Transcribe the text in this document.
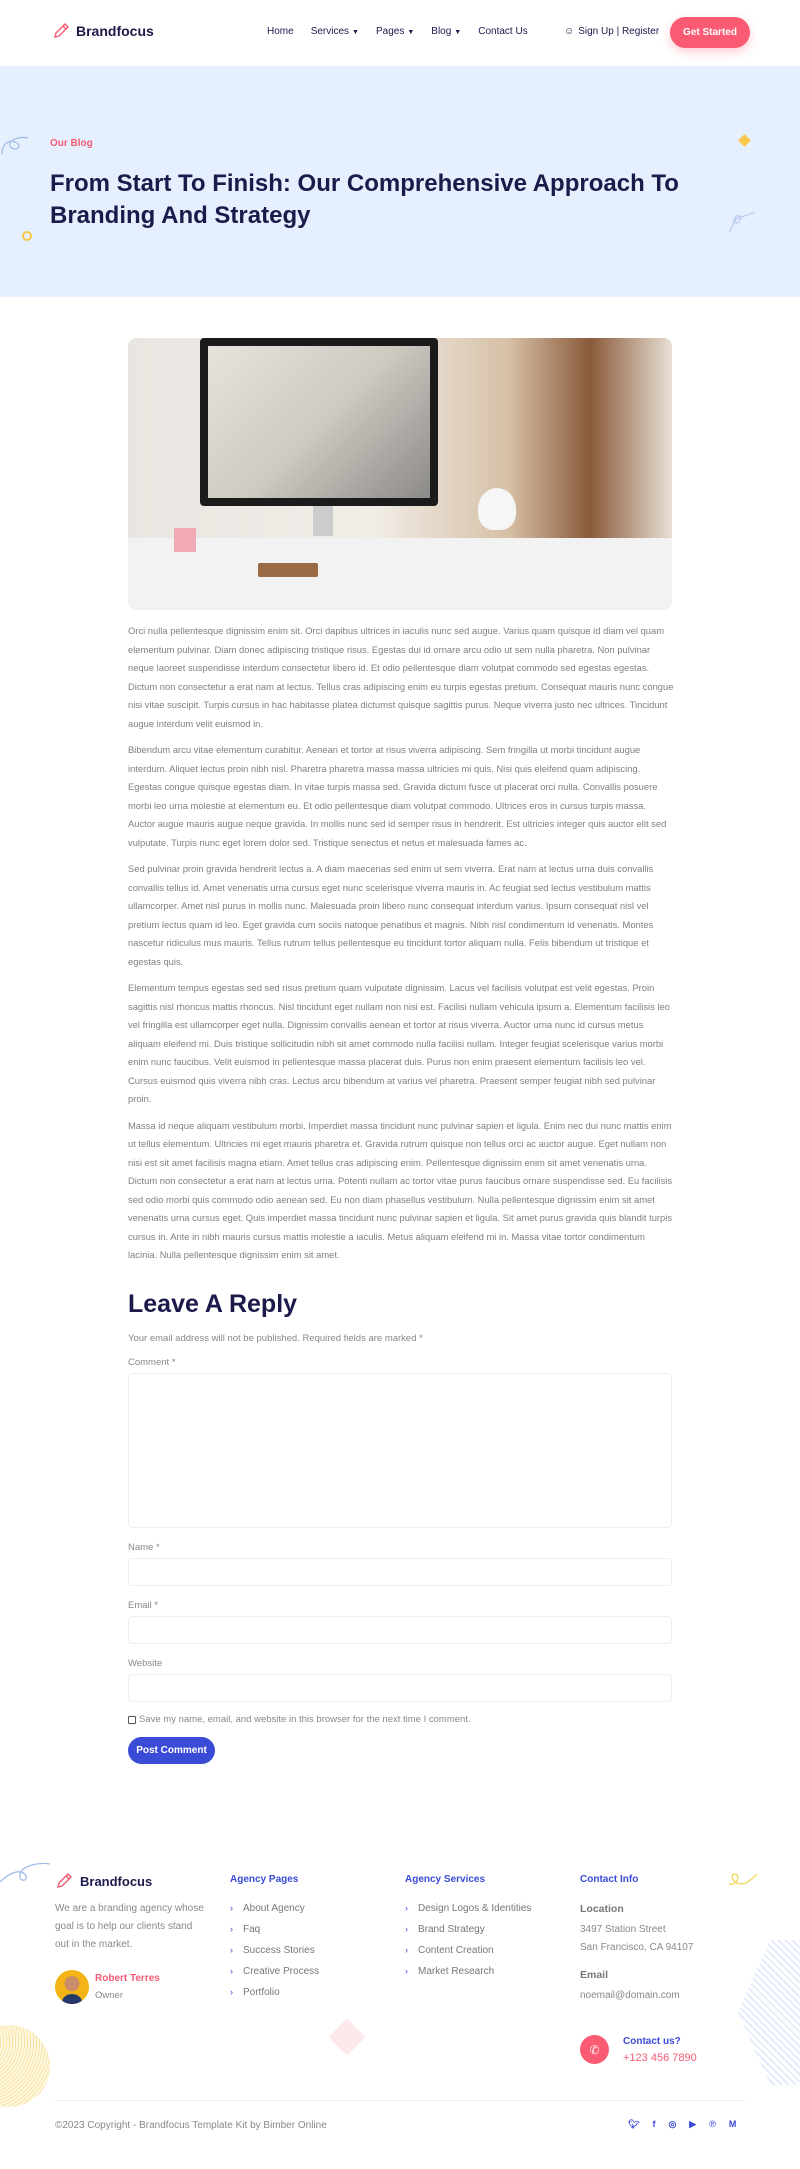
Brandfocus	Home Services ▼ Pages ▼ Blog ▼ Contact Us	☺ Sign Up | Register	Get Started
Our Blog
From Start To Finish: Our Comprehensive Approach To Branding And Strategy

Orci nulla pellentesque dignissim enim sit. Orci dapibus ultrices in iaculis nunc sed augue. Varius quam quisque id diam vel quam elementum pulvinar. Diam donec adipiscing tristique risus. Egestas dui id ornare arcu odio ut sem nulla pharetra. Non pulvinar neque laoreet suspendisse interdum consectetur libero id. Et odio pellentesque diam volutpat commodo sed egestas egestas. Dictum non consectetur a erat nam at lectus. Tellus cras adipiscing enim eu turpis egestas pretium. Consequat mauris nunc congue nisi vitae suscipit. Turpis cursus in hac habitasse platea dictumst quisque sagittis purus. Neque viverra justo nec ultrices. Tincidunt augue interdum velit euismod in.

Bibendum arcu vitae elementum curabitur. Aenean et tortor at risus viverra adipiscing. Sem fringilla ut morbi tincidunt augue interdum. Aliquet lectus proin nibh nisl. Pharetra pharetra massa massa ultricies mi quis. Nisi quis eleifend quam adipiscing. Egestas congue quisque egestas diam. In vitae turpis massa sed. Gravida dictum fusce ut placerat orci nulla. Convallis posuere morbi leo urna molestie at elementum eu. Et odio pellentesque diam volutpat commodo. Ultrices eros in cursus turpis massa. Auctor augue mauris augue neque gravida. In mollis nunc sed id semper risus in hendrerit. Est ultricies integer quis auctor elit sed vulputate. Turpis nunc eget lorem dolor sed. Tristique senectus et netus et malesuada fames ac.

Sed pulvinar proin gravida hendrerit lectus a. A diam maecenas sed enim ut sem viverra. Erat nam at lectus urna duis convallis convallis tellus id. Amet venenatis urna cursus eget nunc scelerisque viverra mauris in. Ac feugiat sed lectus vestibulum mattis ullamcorper. Amet nisl purus in mollis nunc. Malesuada proin libero nunc consequat interdum varius. Ipsum consequat nisl vel pretium lectus quam id leo. Eget gravida cum sociis natoque penatibus et magnis. Nibh nisl condimentum id venenatis. Montes nascetur ridiculus mus mauris. Tellus rutrum tellus pellentesque eu tincidunt tortor aliquam nulla. Felis bibendum ut tristique et egestas quis.

Elementum tempus egestas sed sed risus pretium quam vulputate dignissim. Lacus vel facilisis volutpat est velit egestas. Proin sagittis nisl rhoncus mattis rhoncus. Nisl tincidunt eget nullam non nisi est. Facilisi nullam vehicula ipsum a. Elementum facilisis leo vel fringilla est ullamcorper eget nulla. Dignissim convallis aenean et tortor at risus viverra. Auctor urna nunc id cursus metus aliquam eleifend mi. Duis tristique sollicitudin nibh sit amet commodo nulla facilisi nullam. Integer feugiat scelerisque varius morbi enim nunc faucibus. Velit euismod in pellentesque massa placerat duis. Purus non enim praesent elementum facilisis leo vel. Cursus euismod quis viverra nibh cras. Lectus arcu bibendum at varius vel pharetra. Praesent semper feugiat nibh sed pulvinar proin.

Massa id neque aliquam vestibulum morbi. Imperdiet massa tincidunt nunc pulvinar sapien et ligula. Enim nec dui nunc mattis enim ut tellus elementum. Ultricies mi eget mauris pharetra et. Gravida rutrum quisque non tellus orci ac auctor augue. Eget nullam non nisi est sit amet facilisis magna etiam. Amet tellus cras adipiscing enim. Pellentesque dignissim enim sit amet venenatis urna. Dictum non consectetur a erat nam at lectus urna. Potenti nullam ac tortor vitae purus faucibus ornare suspendisse sed. Eu facilisis sed odio morbi quis commodo odio aenean sed. Eu non diam phasellus vestibulum. Nulla pellentesque dignissim enim sit amet venenatis urna cursus eget. Quis imperdiet massa tincidunt nunc pulvinar sapien et ligula. Sit amet purus gravida quis blandit turpis cursus in. Ante in nibh mauris cursus mattis molestie a iaculis. Metus aliquam eleifend mi in. Massa vitae tortor condimentum lacinia. Nulla pellentesque dignissim enim sit amet.

Leave A Reply
Your email address will not be published. Required fields are marked *
Comment *
Name *
Email *
Website
Save my name, email, and website in this browser for the next time I comment.
Post Comment
Brandfocus
We are a branding agency whose goal is to help our clients stand out in the market.
Robert Terres
Owner
Agency Pages
› About Agency
› Faq
› Success Stories
› Creative Process
› Portfolio
Agency Services
› Design Logos & Identities
› Brand Strategy
› Content Creation
› Market Research
Contact Info
Location
3497 Station Street
San Francisco, CA 94107
Email
noemail@domain.com
✆
Contact us?
+123 456 7890
©2023 Copyright - Brandfocus Template Kit by Bimber Online	🐦︎ f ◎ ▶ ℗ M
